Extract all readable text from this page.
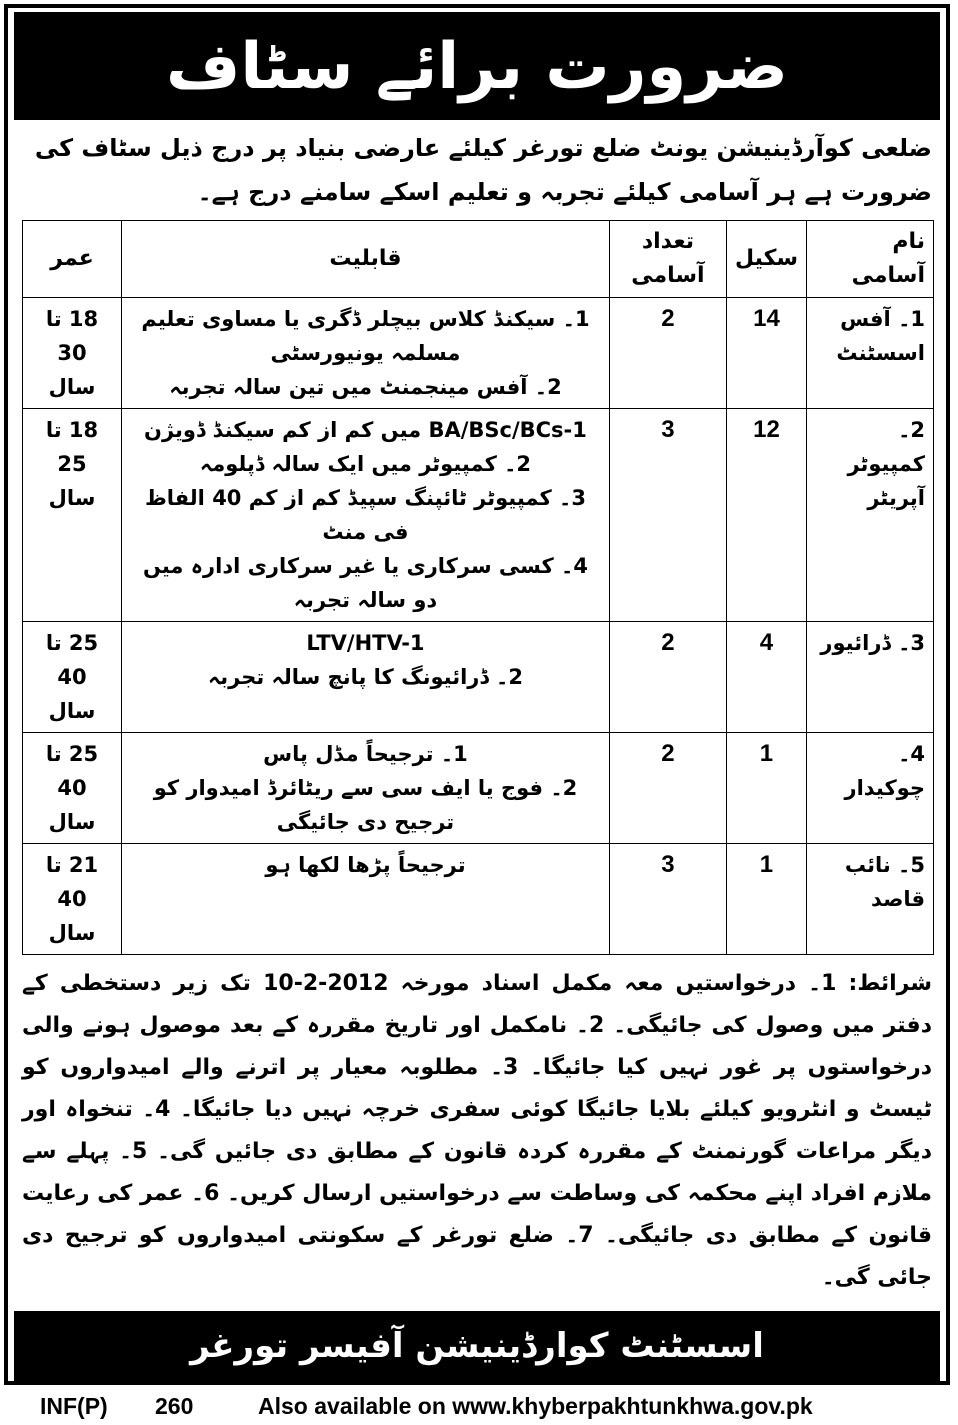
ضرورت برائے سٹاف
ضلعی کوآرڈینیشن یونٹ ضلع تورغر کیلئے عارضی بنیاد پر درج ذیل سٹاف کی ضرورت ہے ہر آسامی کیلئے تجربہ و تعلیم اسکے سامنے درج ہے۔
نام آسامی	سکیل	تعداد آسامی	قابلیت	عمر
1۔ آفس اسسٹنٹ	14	2	1۔ سیکنڈ کلاس بیچلر ڈگری یا مساوی تعلیم مسلمہ یونیورسٹی
2۔ آفس مینجمنٹ میں تین سالہ تجربہ	18 تا
30 سال

2۔ کمپیوٹر آپریٹر	12	3	BA/BSc/BCs-1 میں کم از کم سیکنڈ ڈویژن
2۔ کمپیوٹر میں ایک سالہ ڈپلومہ
3۔ کمپیوٹر ٹائپنگ سپیڈ کم از کم 40 الفاظ فی منٹ
4۔ کسی سرکاری یا غیر سرکاری ادارہ میں دو سالہ تجربہ	18 تا
25 سال

3۔ ڈرائیور	4	2	LTV/HTV-1
2۔ ڈرائیونگ کا پانچ سالہ تجربہ	25 تا
40 سال

4۔ چوکیدار	1	2	1۔ ترجیحاً مڈل پاس
2۔ فوج یا ایف سی سے ریٹائرڈ امیدوار کو ترجیح دی جائیگی	25 تا
40 سال

5۔ نائب قاصد	1	3	ترجیحاً پڑھا لکھا ہو	21 تا
40 سال
شرائط: 1۔ درخواستیں معہ مکمل اسناد مورخہ 2012-2-10 تک زیر دستخطی کے دفتر میں وصول کی جائیگی۔ 2۔ نامکمل اور تاریخ مقررہ کے بعد موصول ہونے والی درخواستوں پر غور نہیں کیا جائیگا۔ 3۔ مطلوبہ معیار پر اترنے والے امیدواروں کو ٹیسٹ و انٹرویو کیلئے بلایا جائیگا کوئی سفری خرچہ نہیں دیا جائیگا۔ 4۔ تنخواہ اور دیگر مراعات گورنمنٹ کے مقررہ کردہ قانون کے مطابق دی جائیں گی۔ 5۔ پہلے سے ملازم افراد اپنے محکمہ کی وساطت سے درخواستیں ارسال کریں۔ 6۔ عمر کی رعایت قانون کے مطابق دی جائیگی۔ 7۔ ضلع تورغر کے سکونتی امیدواروں کو ترجیح دی جائی گی۔
اسسٹنٹ کوارڈینیشن آفیسر تورغر
INF(P) 260	Also available on www.khyberpakhtunkhwa.gov.pk
